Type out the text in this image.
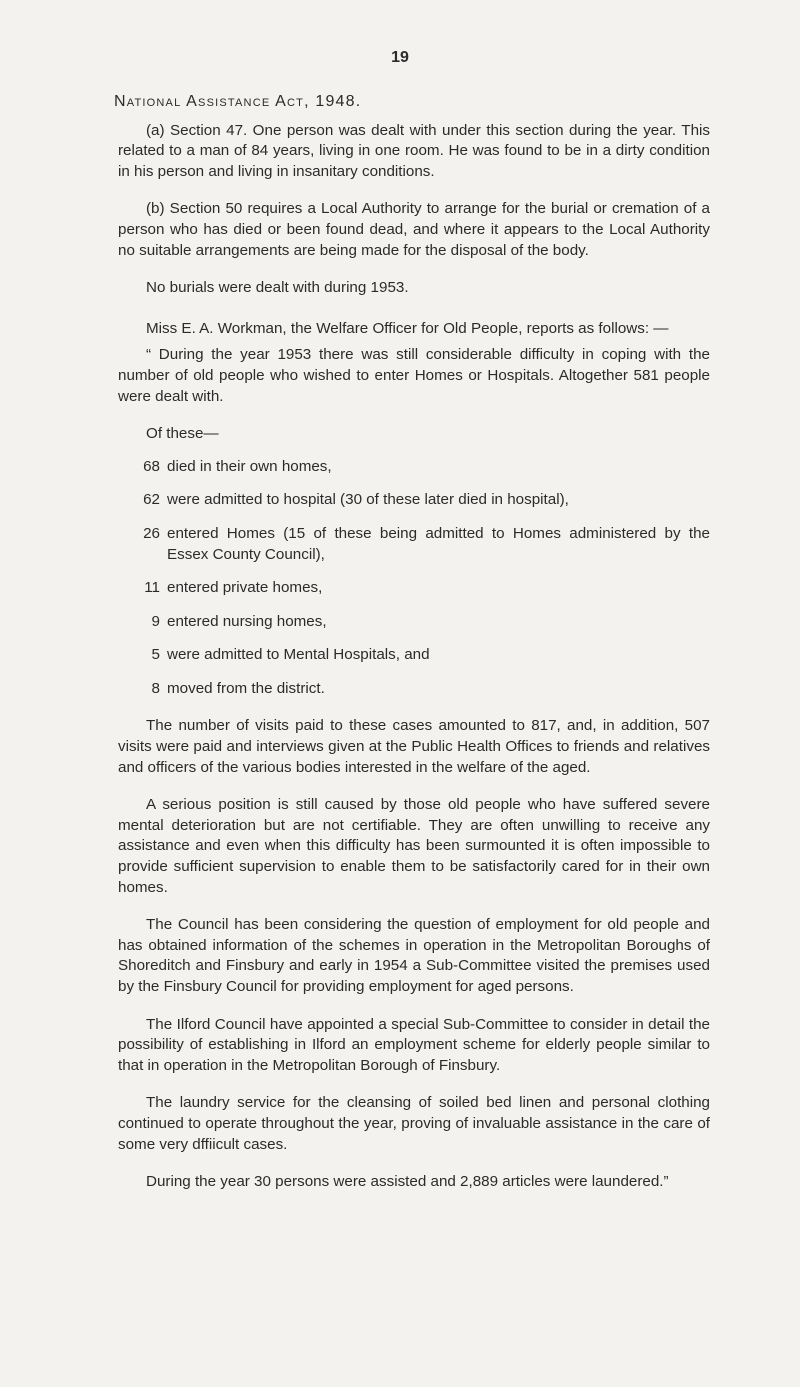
19
National Assistance Act, 1948.

(a) Section 47. One person was dealt with under this section during the year. This related to a man of 84 years, living in one room. He was found to be in a dirty condition in his person and living in insanitary conditions.

(b) Section 50 requires a Local Authority to arrange for the burial or cremation of a person who has died or been found dead, and where it appears to the Local Authority no suitable arrangements are being made for the disposal of the body.

No burials were dealt with during 1953.

Miss E. A. Workman, the Welfare Officer for Old People, reports as follows: —

“ During the year 1953 there was still considerable difficulty in coping with the number of old people who wished to enter Homes or Hospitals. Altogether 581 people were dealt with.

Of these—

68 died in their own homes,
62 were admitted to hospital (30 of these later died in hospital),
26 entered Homes (15 of these being admitted to Homes administered by the Essex County Council),
11 entered private homes,
9 entered nursing homes,
5 were admitted to Mental Hospitals, and
8 moved from the district.

The number of visits paid to these cases amounted to 817, and, in addition, 507 visits were paid and interviews given at the Public Health Offices to friends and relatives and officers of the various bodies interested in the welfare of the aged.

A serious position is still caused by those old people who have suffered severe mental deterioration but are not certifiable. They are often unwilling to receive any assistance and even when this difficulty has been surmounted it is often impossible to provide sufficient supervision to enable them to be satisfactorily cared for in their own homes.

The Council has been considering the question of employment for old people and has obtained information of the schemes in operation in the Metropolitan Boroughs of Shoreditch and Finsbury and early in 1954 a Sub-Committee visited the premises used by the Finsbury Council for providing employment for aged persons.

The Ilford Council have appointed a special Sub-Committee to consider in detail the possibility of establishing in Ilford an employment scheme for elderly people similar to that in operation in the Metropolitan Borough of Finsbury.

The laundry service for the cleansing of soiled bed linen and personal clothing continued to operate throughout the year, proving of invaluable assistance in the care of some very dffiicult cases.

During the year 30 persons were assisted and 2,889 articles were laundered.”
